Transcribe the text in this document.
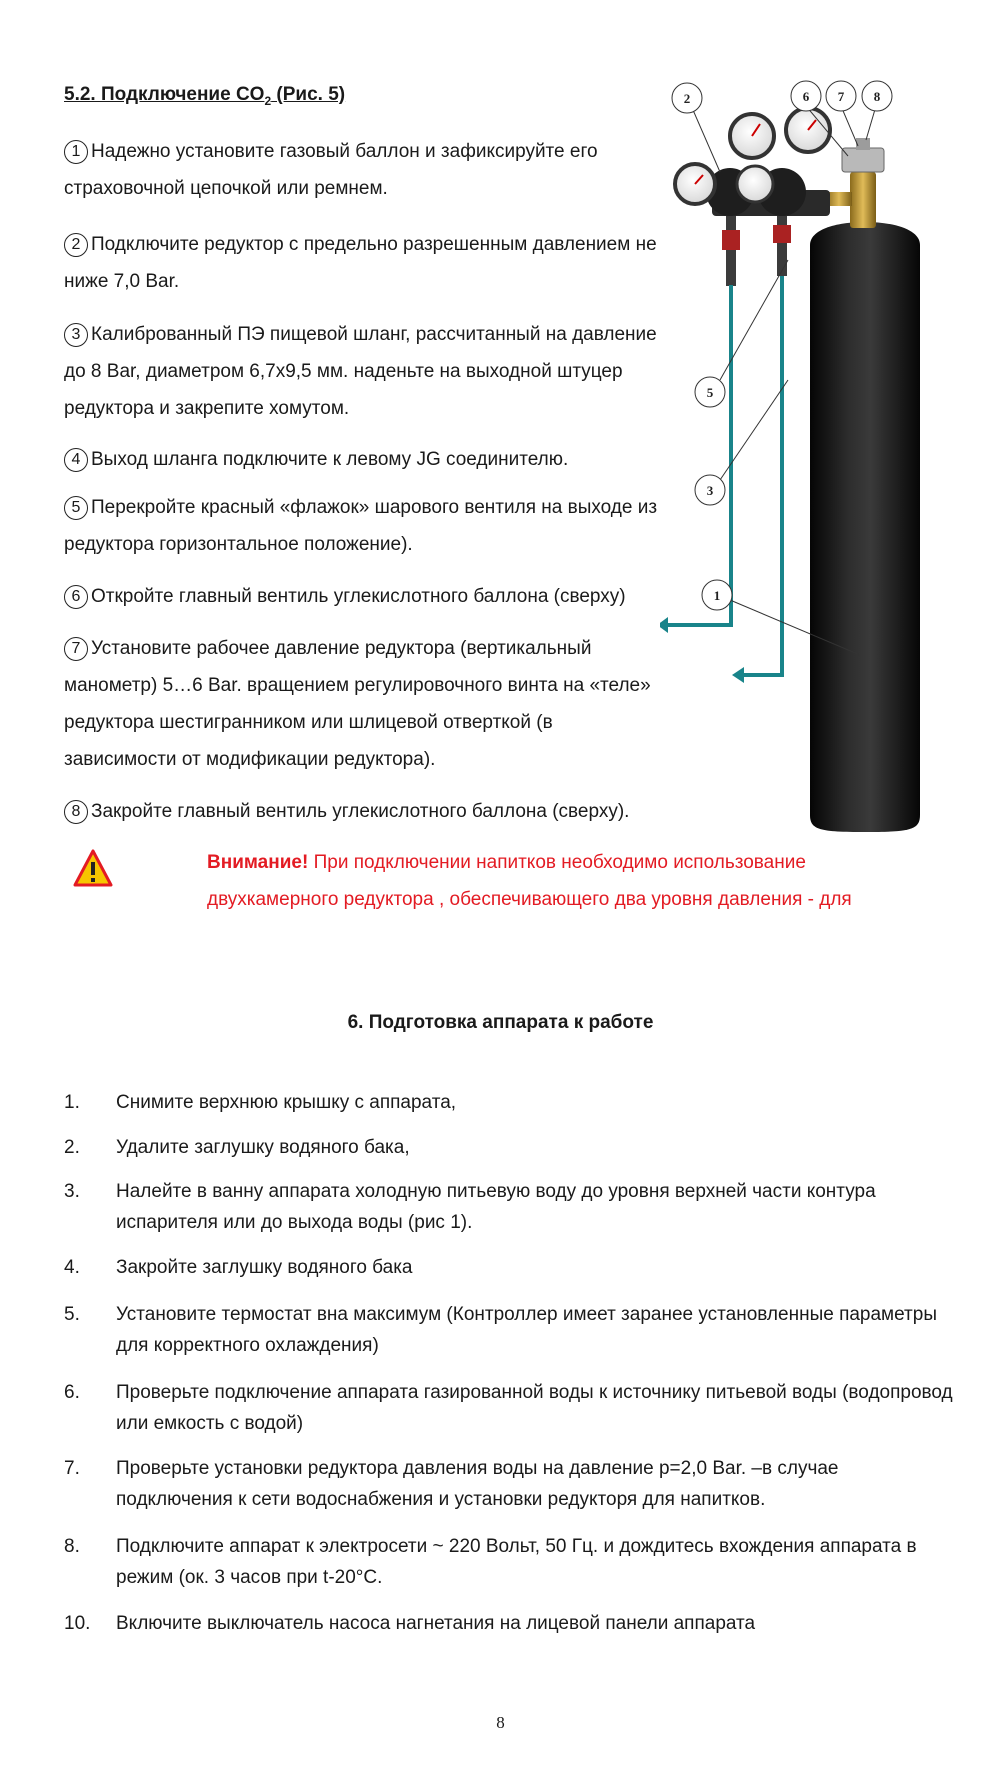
5.2. Подключение $CO_2$ (Рис. 5)
1 Надежно установите газовый баллон и зафиксируйте его страховочной цепочкой или ремнем.
2 Подключите редуктор с предельно разрешенным давлением не ниже 7,0 Bar.
3 Калиброванный ПЭ пищевой шланг, рассчитанный на давление до 8 Bar, диаметром 6,7х9,5 мм. наденьте на выходной штуцер редуктора и закрепите хомутом.
4 Выход шланга подключите к левому JG соединителю.
5 Перекройте красный «флажок» шарового вентиля на выходе из редуктора горизонтальное положение).
6 Откройте главный вентиль углекислотного баллона (сверху)
7 Установите рабочее давление редуктора (вертикальный манометр) 5…6 Bar. вращением регулировочного винта на «теле» редуктора шестигранником или шлицевой отверткой (в зависимости от модификации редуктора).
8 Закройте главный вентиль углекислотного баллона (сверху).
Внимание! При подключении напитков необходимо использование двухкамерного редуктора , обеспечивающего два уровня давления - для
2	6 7 8
5
3
1
6. Подготовка аппарата к работе
1.	Снимите верхнюю крышку с аппарата,
2.	Удалите заглушку водяного бака,
3.	Налейте в ванну аппарата холодную питьевую воду до уровня верхней части контура испарителя или до выхода воды (рис 1).
4.	Закройте заглушку водяного бака
5.	Установите термостат вна максимум (Контроллер имеет заранее установленные параметры для корректного охлаждения)
6.	Проверьте подключение аппарата газированной воды к источнику питьевой воды (водопровод или емкость с водой)
7.	Проверьте установки редуктора давления воды на давление р=2,0 Bar. –в случае подключения к сети водоснабжения и установки редукторя для напитков.
8.	Подключите аппарат к электросети ~ 220 Вольт, 50 Гц. и дождитесь вхождения аппарата в режим (ок. 3 часов при t-20°C.
10.	Включите выключатель насоса нагнетания на лицевой панели аппарата
8
